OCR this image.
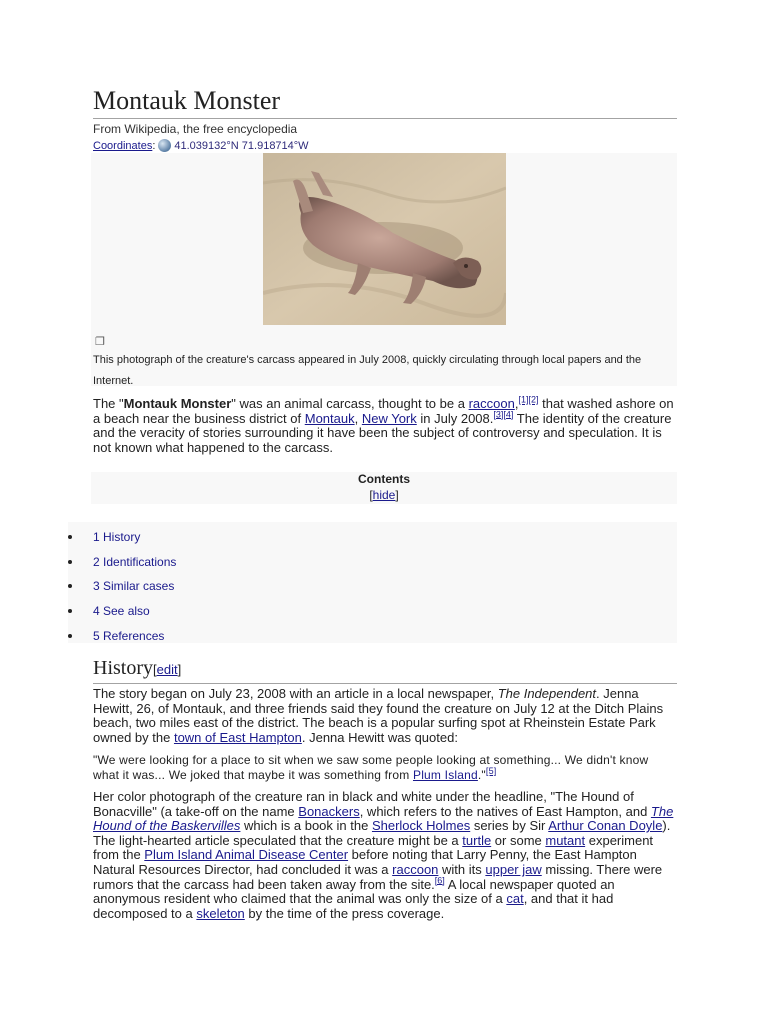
Montauk Monster
From Wikipedia, the free encyclopedia
Coordinates: 41.039132°N 71.918714°W
❐
This photograph of the creature's carcass appeared in July 2008, quickly circulating through local papers and the Internet.

The "Montauk Monster" was an animal carcass, thought to be a raccoon,[1][2] that washed ashore on a beach near the business district of Montauk, New York in July 2008.[3][4] The identity of the creature and the veracity of stories surrounding it have been the subject of controversy and speculation. It is not known what happened to the carcass.

Contents
[hide]
1 History
2 Identifications
3 Similar cases
4 See also
5 References
History[edit]

The story began on July 23, 2008 with an article in a local newspaper, The Independent. Jenna Hewitt, 26, of Montauk, and three friends said they found the creature on July 12 at the Ditch Plains beach, two miles east of the district. The beach is a popular surfing spot at Rheinstein Estate Park owned by the town of East Hampton. Jenna Hewitt was quoted:

"We were looking for a place to sit when we saw some people looking at something... We didn't know what it was... We joked that maybe it was something from Plum Island."[5]

Her color photograph of the creature ran in black and white under the headline, "The Hound of Bonacville" (a take-off on the name Bonackers, which refers to the natives of East Hampton, and The Hound of the Baskervilles which is a book in the Sherlock Holmes series by Sir Arthur Conan Doyle). The light-hearted article speculated that the creature might be a turtle or some mutant experiment from the Plum Island Animal Disease Center before noting that Larry Penny, the East Hampton Natural Resources Director, had concluded it was a raccoon with its upper jaw missing. There were rumors that the carcass had been taken away from the site.[6] A local newspaper quoted an anonymous resident who claimed that the animal was only the size of a cat, and that it had decomposed to a skeleton by the time of the press coverage.
